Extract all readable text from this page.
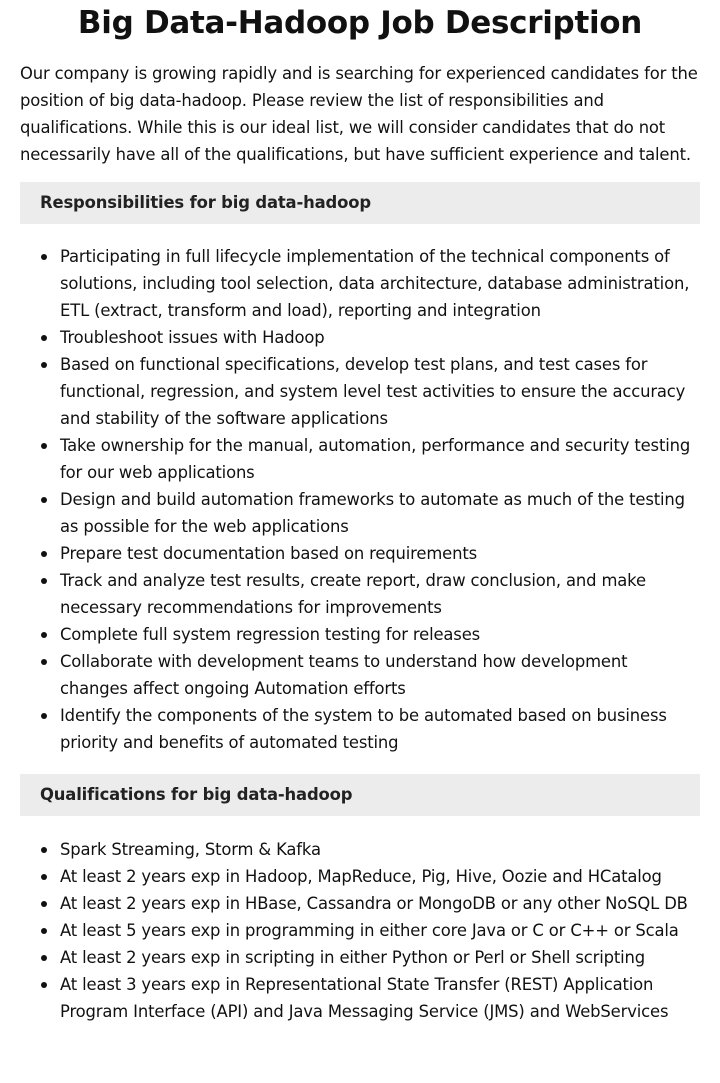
Big Data-Hadoop Job Description

Our company is growing rapidly and is searching for experienced candidates for the position of big data-hadoop. Please review the list of responsibilities and qualifications. While this is our ideal list, we will consider candidates that do not necessarily have all of the qualifications, but have sufficient experience and talent.

Responsibilities for big data-hadoop
Participating in full lifecycle implementation of the technical components of solutions, including tool selection, data architecture, database administration, ETL (extract, transform and load), reporting and integration
Troubleshoot issues with Hadoop
Based on functional specifications, develop test plans, and test cases for functional, regression, and system level test activities to ensure the accuracy and stability of the software applications
Take ownership for the manual, automation, performance and security testing for our web applications
Design and build automation frameworks to automate as much of the testing as possible for the web applications
Prepare test documentation based on requirements
Track and analyze test results, create report, draw conclusion, and make necessary recommendations for improvements
Complete full system regression testing for releases
Collaborate with development teams to understand how development changes affect ongoing Automation efforts
Identify the components of the system to be automated based on business priority and benefits of automated testing
Qualifications for big data-hadoop
Spark Streaming, Storm & Kafka
At least 2 years exp in Hadoop, MapReduce, Pig, Hive, Oozie and HCatalog
At least 2 years exp in HBase, Cassandra or MongoDB or any other NoSQL DB
At least 5 years exp in programming in either core Java or C or C++ or Scala
At least 2 years exp in scripting in either Python or Perl or Shell scripting
At least 3 years exp in Representational State Transfer (REST) Application Program Interface (API) and Java Messaging Service (JMS) and WebServices
